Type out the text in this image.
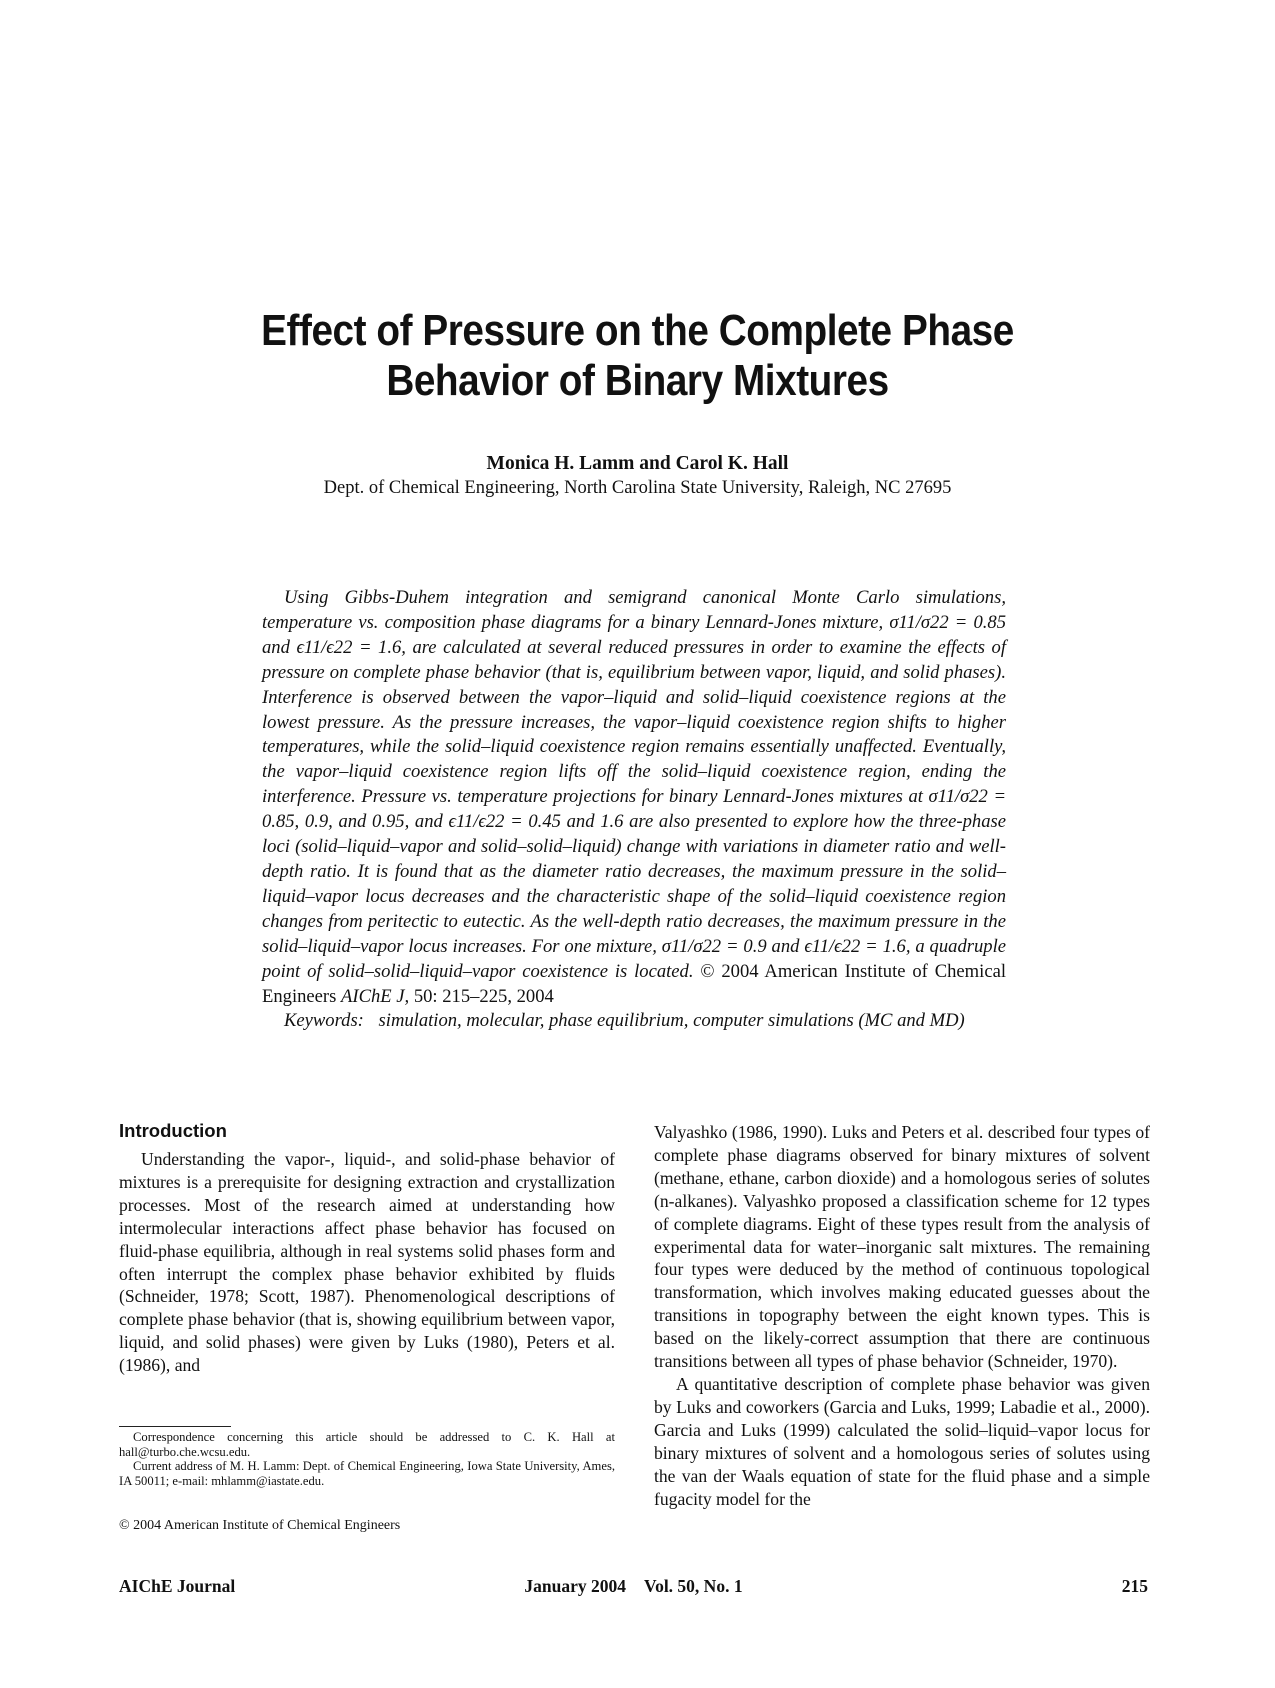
Effect of Pressure on the Complete Phase
Behavior of Binary Mixtures
Monica H. Lamm and Carol K. Hall
Dept. of Chemical Engineering, North Carolina State University, Raleigh, NC 27695

Using Gibbs-Duhem integration and semigrand canonical Monte Carlo simulations, temperature vs. composition phase diagrams for a binary Lennard-Jones mixture, σ11/σ22 = 0.85 and ϵ11/ϵ22 = 1.6, are calculated at several reduced pressures in order to examine the effects of pressure on complete phase behavior (that is, equilibrium between vapor, liquid, and solid phases). Interference is observed between the vapor–liquid and solid–liquid coexistence regions at the lowest pressure. As the pressure increases, the vapor–liquid coexistence region shifts to higher temperatures, while the solid–liquid coexistence region remains essentially unaffected. Eventually, the vapor–liquid coexistence region lifts off the solid–liquid coexistence region, ending the interference. Pressure vs. temperature projections for binary Lennard-Jones mixtures at σ11/σ22 = 0.85, 0.9, and 0.95, and ϵ11/ϵ22 = 0.45 and 1.6 are also presented to explore how the three-phase loci (solid–liquid–vapor and solid–solid–liquid) change with variations in diameter ratio and well-depth ratio. It is found that as the diameter ratio decreases, the maximum pressure in the solid–liquid–vapor locus decreases and the characteristic shape of the solid–liquid coexistence region changes from peritectic to eutectic. As the well-depth ratio decreases, the maximum pressure in the solid–liquid–vapor locus increases. For one mixture, σ11/σ22 = 0.9 and ϵ11/ϵ22 = 1.6, a quadruple point of solid–solid–liquid–vapor coexistence is located. © 2004 American Institute of Chemical Engineers AIChE J, 50: 215–225, 2004

Keywords: simulation, molecular, phase equilibrium, computer simulations (MC and MD)

Introduction

Understanding the vapor-, liquid-, and solid-phase behavior of mixtures is a prerequisite for designing extraction and crystallization processes. Most of the research aimed at understanding how intermolecular interactions affect phase behavior has focused on fluid-phase equilibria, although in real systems solid phases form and often interrupt the complex phase behavior exhibited by fluids (Schneider, 1978; Scott, 1987). Phenomenological descriptions of complete phase behavior (that is, showing equilibrium between vapor, liquid, and solid phases) were given by Luks (1980), Peters et al. (1986), and

Correspondence concerning this article should be addressed to C. K. Hall at hall@turbo.che.wcsu.edu.

Current address of M. H. Lamm: Dept. of Chemical Engineering, Iowa State University, Ames, IA 50011; e-mail: mhlamm@iastate.edu.

© 2004 American Institute of Chemical Engineers

Valyashko (1986, 1990). Luks and Peters et al. described four types of complete phase diagrams observed for binary mixtures of solvent (methane, ethane, carbon dioxide) and a homologous series of solutes (n-alkanes). Valyashko proposed a classification scheme for 12 types of complete diagrams. Eight of these types result from the analysis of experimental data for water–inorganic salt mixtures. The remaining four types were deduced by the method of continuous topological transformation, which involves making educated guesses about the transitions in topography between the eight known types. This is based on the likely-correct assumption that there are continuous transitions between all types of phase behavior (Schneider, 1970).

A quantitative description of complete phase behavior was given by Luks and coworkers (Garcia and Luks, 1999; Labadie et al., 2000). Garcia and Luks (1999) calculated the solid–liquid–vapor locus for binary mixtures of solvent and a homologous series of solutes using the van der Waals equation of state for the fluid phase and a simple fugacity model for the

AIChE Journal	January 2004 Vol. 50, No. 1	215
